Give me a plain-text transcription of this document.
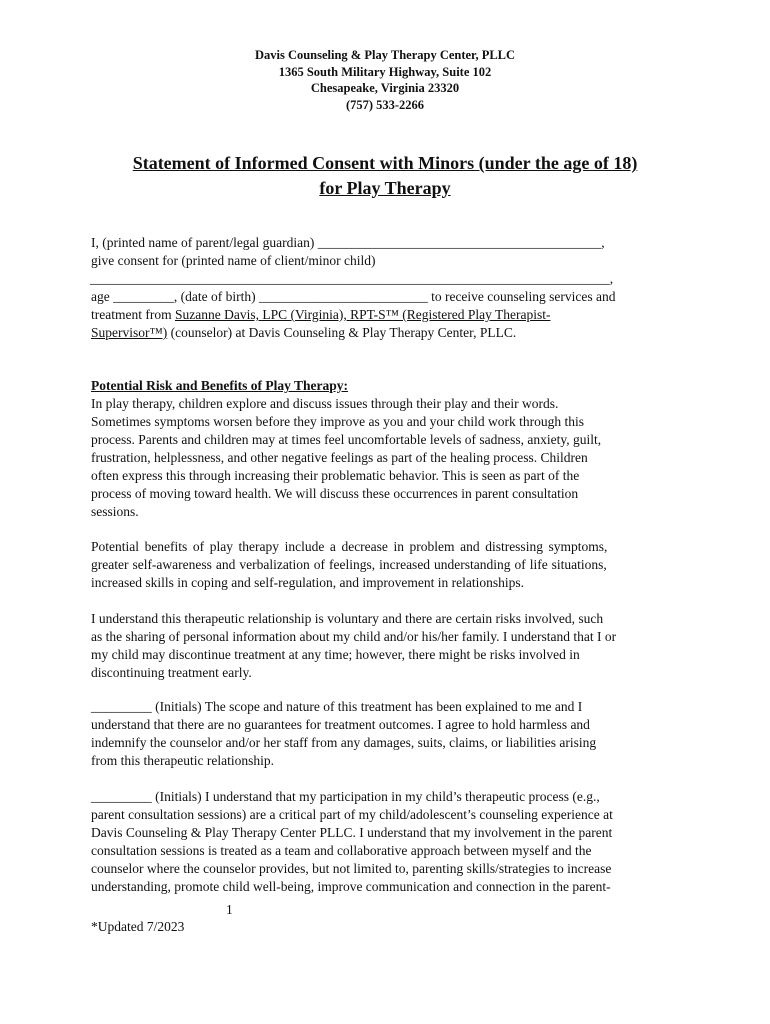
Davis Counseling & Play Therapy Center, PLLC
1365 South Military Highway, Suite 102
Chesapeake, Virginia 23320
(757) 533-2266
Statement of Informed Consent with Minors (under the age of 18)
for Play Therapy
I, (printed name of parent/legal guardian) __________________________________________,
give consent for (printed name of client/minor child)
_____________________________________________________________________________,
age _________, (date of birth) _________________________ to receive counseling services and
treatment from Suzanne Davis, LPC (Virginia), RPT-S™ (Registered Play Therapist-
Supervisor™) (counselor) at Davis Counseling & Play Therapy Center, PLLC.
Potential Risk and Benefits of Play Therapy:
In play therapy, children explore and discuss issues through their play and their words.
Sometimes symptoms worsen before they improve as you and your child work through this
process. Parents and children may at times feel uncomfortable levels of sadness, anxiety, guilt,
frustration, helplessness, and other negative feelings as part of the healing process. Children
often express this through increasing their problematic behavior. This is seen as part of the
process of moving toward health. We will discuss these occurrences in parent consultation
sessions.
Potential benefits of play therapy include a decrease in problem and distressing symptoms,
greater self-awareness and verbalization of feelings, increased understanding of life situations,
increased skills in coping and self-regulation, and improvement in relationships.
I understand this therapeutic relationship is voluntary and there are certain risks involved, such
as the sharing of personal information about my child and/or his/her family. I understand that I or
my child may discontinue treatment at any time; however, there might be risks involved in
discontinuing treatment early.
_________ (Initials) The scope and nature of this treatment has been explained to me and I
understand that there are no guarantees for treatment outcomes. I agree to hold harmless and
indemnify the counselor and/or her staff from any damages, suits, claims, or liabilities arising
from this therapeutic relationship.
_________ (Initials) I understand that my participation in my child’s therapeutic process (e.g.,
parent consultation sessions) are a critical part of my child/adolescent’s counseling experience at
Davis Counseling & Play Therapy Center PLLC. I understand that my involvement in the parent
consultation sessions is treated as a team and collaborative approach between myself and the
counselor where the counselor provides, but not limited to, parenting skills/strategies to increase
understanding, promote child well-being, improve communication and connection in the parent-
1
*Updated 7/2023
